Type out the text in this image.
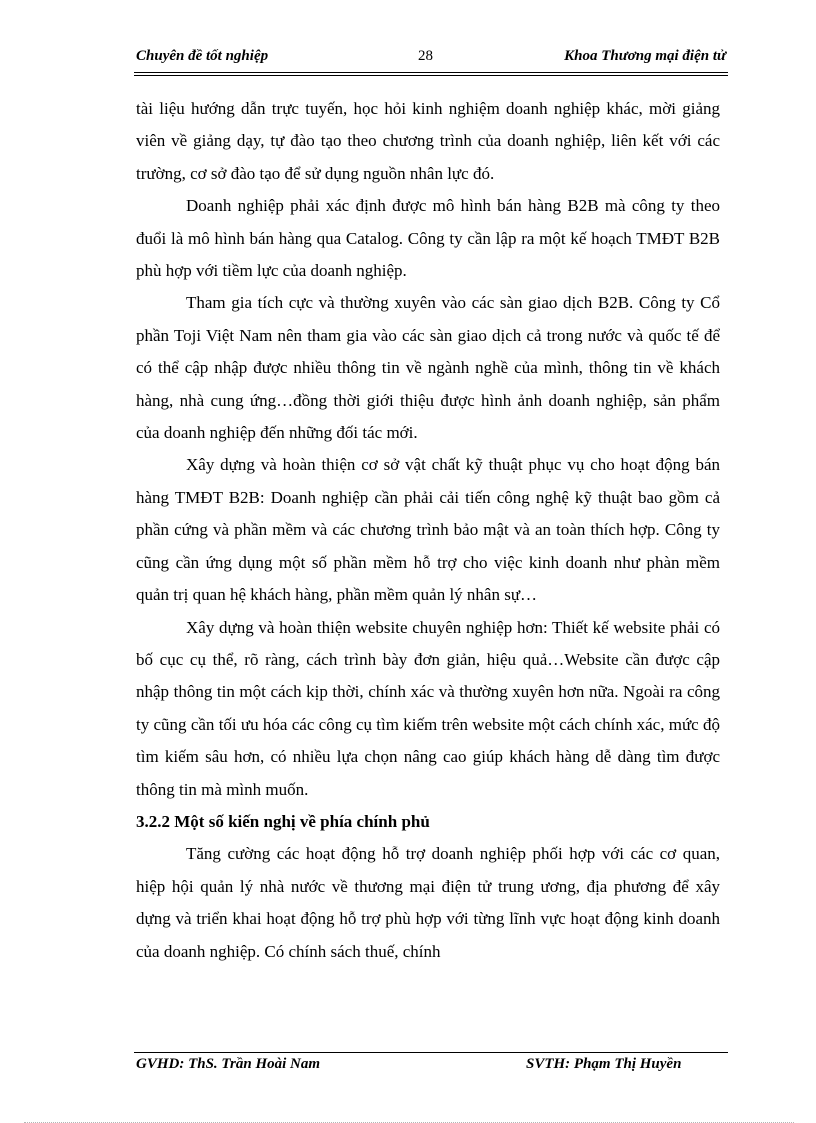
Chuyên đề tốt nghiệp	28	Khoa Thương mại điện tử

tài liệu hướng dẫn trực tuyến, học hỏi kinh nghiệm doanh nghiệp khác, mời giảng viên về giảng dạy, tự đào tạo theo chương trình của doanh nghiệp, liên kết với các trường, cơ sở đào tạo để sử dụng nguồn nhân lực đó.

Doanh nghiệp phải xác định được mô hình bán hàng B2B mà công ty theo đuổi là mô hình bán hàng qua Catalog. Công ty cần lập ra một kế hoạch TMĐT B2B phù hợp với tiềm lực của doanh nghiệp.

Tham gia tích cực và thường xuyên vào các sàn giao dịch B2B. Công ty Cổ phần Toji Việt Nam nên tham gia vào các sàn giao dịch cả trong nước và quốc tế để có thể cập nhập được nhiều thông tin về ngành nghề của mình, thông tin về khách hàng, nhà cung ứng…đồng thời giới thiệu được hình ảnh doanh nghiệp, sản phẩm của doanh nghiệp đến những đối tác mới.

Xây dựng và hoàn thiện cơ sở vật chất kỹ thuật phục vụ cho hoạt động bán hàng TMĐT B2B: Doanh nghiệp cần phải cải tiến công nghệ kỹ thuật bao gồm cả phần cứng và phần mềm và các chương trình bảo mật và an toàn thích hợp. Công ty cũng cần ứng dụng một số phần mềm hỗ trợ cho việc kinh doanh như phàn mềm quản trị quan hệ khách hàng, phần mềm quản lý nhân sự…

Xây dựng và hoàn thiện website chuyên nghiệp hơn: Thiết kế website phải có bố cục cụ thể, rõ ràng, cách trình bày đơn giản, hiệu quả…Website cần được cập nhập thông tin một cách kịp thời, chính xác và thường xuyên hơn nữa. Ngoài ra công ty cũng cần tối ưu hóa các công cụ tìm kiếm trên website một cách chính xác, mức độ tìm kiếm sâu hơn, có nhiều lựa chọn nâng cao giúp khách hàng dễ dàng tìm được thông tin mà mình muốn.

3.2.2 Một số kiến nghị về phía chính phủ

Tăng cường các hoạt động hỗ trợ doanh nghiệp phối hợp với các cơ quan, hiệp hội quản lý nhà nước về thương mại điện tử trung ương, địa phương để xây dựng và triển khai hoạt động hỗ trợ phù hợp với từng lĩnh vực hoạt động kinh doanh của doanh nghiệp. Có chính sách thuế, chính

GVHD: ThS. Trần Hoài Nam	SVTH: Phạm Thị Huyền
